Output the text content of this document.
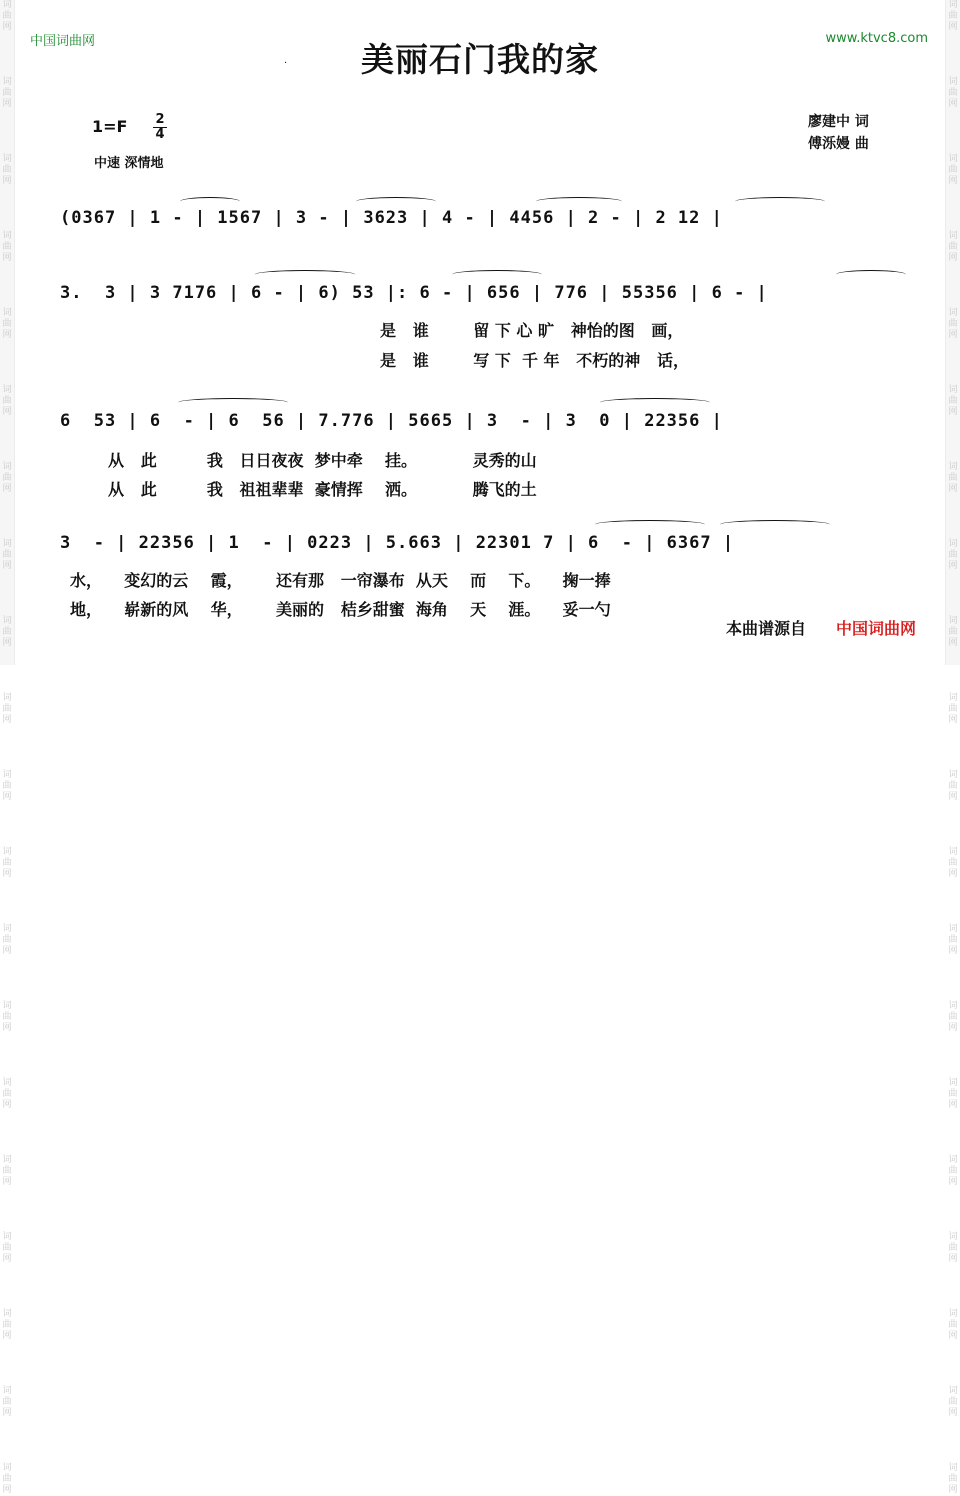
词
曲
网

词
曲
网

词
曲
网

词
曲
网

词
曲
网

词
曲
网

词
曲
网

词
曲
网

词
曲
网

词
曲
网

词
曲
网

词
曲
网

词
曲
网

词
曲
网

词
曲
网

词
曲
网

词
曲
网

词
曲
网

词
曲
网

词
曲
网

词
曲
网

词
曲
网

词
曲
网

词
曲
网

词
曲
网

词
曲
网

词
曲
网

词
曲
网

词
曲
网

词
曲
网

词
曲
网

词
曲
网

词
曲
网

词
曲
网

词
曲
网

词
曲
网

词
曲
网

词
曲
网

词
曲
网

词
曲
网

中国词曲网	www.ktvc8.com
美丽石门我的家
·
1=F	2
4
中速 深情地
廖建中 词
傅泺嫚 曲
(0367 | 1 - | 1567 | 3 - | 3623 | 4 - | 4456 | 2 - | 2 12 |
3.  3 | 3 7176 | 6 - | 6) 53 |: 6 - | 656 | 776 | 55356 | 6 - |
是   谁        留 下 心 旷   神怡的图   画，
是   谁        写 下  千 年   不朽的神   话，
6  53 | 6  - | 6  56 | 7.776 | 5665 | 3  - | 3  0 | 22356 |
从   此         我   日日夜夜  梦中牵    挂。          灵秀的山
从   此         我   祖祖辈辈  豪情挥    洒。          腾飞的土
3  - | 22356 | 1  - | 0223 | 5.663 | 22301 7 | 6  - | 6367 |
水，    变幻的云    霞，      还有那   一帘瀑布  从天    而    下。    掬一捧
地，    崭新的风    华，      美丽的   桔乡甜蜜  海角    天    涯。    妥一勺
本曲谱源自 中国词曲网
